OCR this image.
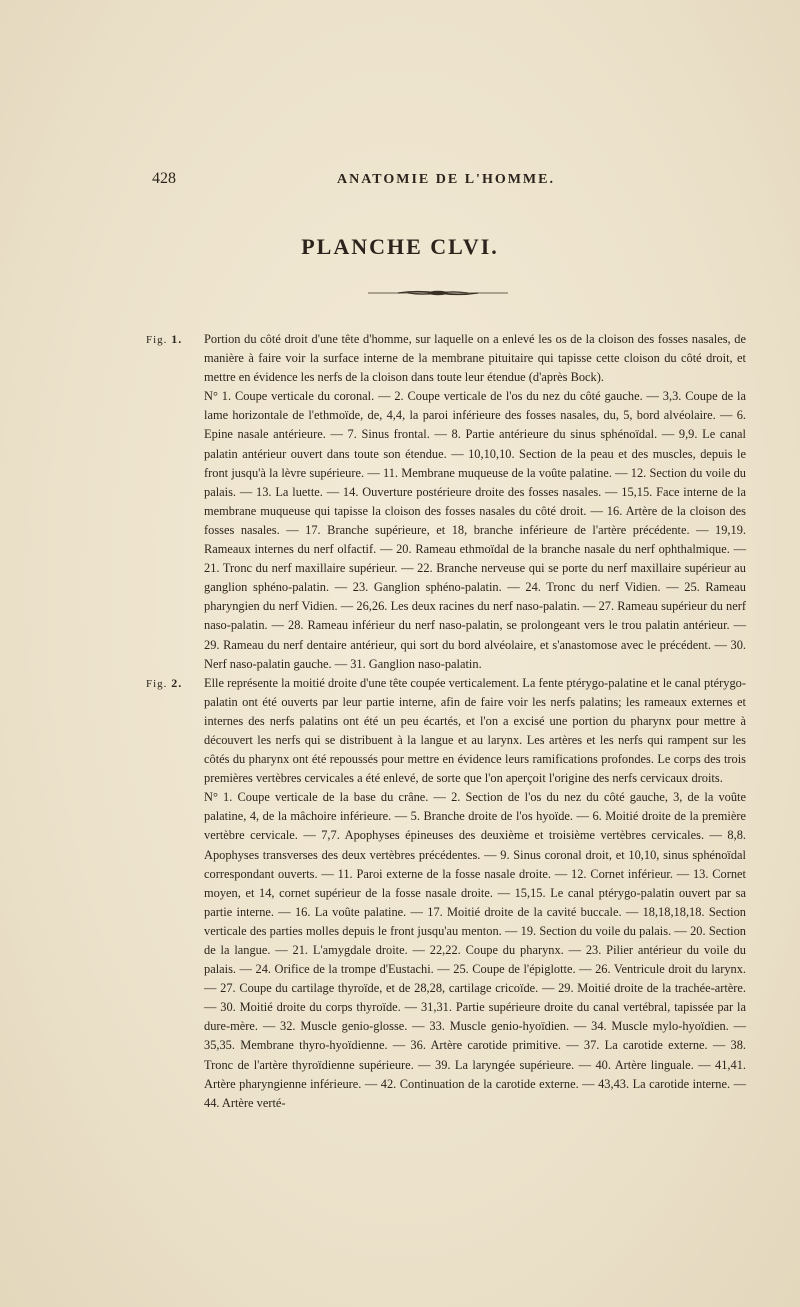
428	ANATOMIE DE L'HOMME.
PLANCHE CLVI.
Fig. 1. Portion du côté droit d'une tête d'homme, sur laquelle on a enlevé les os de la cloison des fosses nasales, de manière à faire voir la surface interne de la membrane pituitaire qui tapisse cette cloison du côté droit, et mettre en évidence les nerfs de la cloison dans toute leur étendue (d'après Bock).

N° 1. Coupe verticale du coronal. — 2. Coupe verticale de l'os du nez du côté gauche. — 3,3. Coupe de la lame horizontale de l'ethmoïde, de, 4,4, la paroi inférieure des fosses nasales, du, 5, bord alvéolaire. — 6. Epine nasale antérieure. — 7. Sinus frontal. — 8. Partie antérieure du sinus sphénoïdal. — 9,9. Le canal palatin antérieur ouvert dans toute son étendue. — 10,10,10. Section de la peau et des muscles, depuis le front jusqu'à la lèvre supérieure. — 11. Membrane muqueuse de la voûte palatine. — 12. Section du voile du palais. — 13. La luette. — 14. Ouverture postérieure droite des fosses nasales. — 15,15. Face interne de la membrane muqueuse qui tapisse la cloison des fosses nasales du côté droit. — 16. Artère de la cloison des fosses nasales. — 17. Branche supérieure, et 18, branche inférieure de l'artère précédente. — 19,19. Rameaux internes du nerf olfactif. — 20. Rameau ethmoïdal de la branche nasale du nerf ophthalmique. — 21. Tronc du nerf maxillaire supérieur. — 22. Branche nerveuse qui se porte du nerf maxillaire supérieur au ganglion sphéno-palatin. — 23. Ganglion sphéno-palatin. — 24. Tronc du nerf Vidien. — 25. Rameau pharyngien du nerf Vidien. — 26,26. Les deux racines du nerf naso-palatin. — 27. Rameau supérieur du nerf naso-palatin. — 28. Rameau inférieur du nerf naso-palatin, se prolongeant vers le trou palatin antérieur. — 29. Rameau du nerf dentaire antérieur, qui sort du bord alvéolaire, et s'anastomose avec le précédent. — 30. Nerf naso-palatin gauche. — 31. Ganglion naso-palatin.

Fig. 2. Elle représente la moitié droite d'une tête coupée verticalement. La fente ptérygo-palatine et le canal ptérygo-palatin ont été ouverts par leur partie interne, afin de faire voir les nerfs palatins; les rameaux externes et internes des nerfs palatins ont été un peu écartés, et l'on a excisé une portion du pharynx pour mettre à découvert les nerfs qui se distribuent à la langue et au larynx. Les artères et les nerfs qui rampent sur les côtés du pharynx ont été repoussés pour mettre en évidence leurs ramifications profondes. Le corps des trois premières vertèbres cervicales a été enlevé, de sorte que l'on aperçoit l'origine des nerfs cervicaux droits.

N° 1. Coupe verticale de la base du crâne. — 2. Section de l'os du nez du côté gauche, 3, de la voûte palatine, 4, de la mâchoire inférieure. — 5. Branche droite de l'os hyoïde. — 6. Moitié droite de la première vertèbre cervicale. — 7,7. Apophyses épineuses des deuxième et troisième vertèbres cervicales. — 8,8. Apophyses transverses des deux vertèbres précédentes. — 9. Sinus coronal droit, et 10,10, sinus sphénoïdal correspondant ouverts. — 11. Paroi externe de la fosse nasale droite. — 12. Cornet inférieur. — 13. Cornet moyen, et 14, cornet supérieur de la fosse nasale droite. — 15,15. Le canal ptérygo-palatin ouvert par sa partie interne. — 16. La voûte palatine. — 17. Moitié droite de la cavité buccale. — 18,18,18,18. Section verticale des parties molles depuis le front jusqu'au menton. — 19. Section du voile du palais. — 20. Section de la langue. — 21. L'amygdale droite. — 22,22. Coupe du pharynx. — 23. Pilier antérieur du voile du palais. — 24. Orifice de la trompe d'Eustachi. — 25. Coupe de l'épiglotte. — 26. Ventricule droit du larynx. — 27. Coupe du cartilage thyroïde, et de 28,28, cartilage cricoïde. — 29. Moitié droite de la trachée-artère. — 30. Moitié droite du corps thyroïde. — 31,31. Partie supérieure droite du canal vertébral, tapissée par la dure-mère. — 32. Muscle genio-glosse. — 33. Muscle genio-hyoïdien. — 34. Muscle mylo-hyoïdien. — 35,35. Membrane thyro-hyoïdienne. — 36. Artère carotide primitive. — 37. La carotide externe. — 38. Tronc de l'artère thyroïdienne supérieure. — 39. La laryngée supérieure. — 40. Artère linguale. — 41,41. Artère pharyngienne inférieure. — 42. Continuation de la carotide externe. — 43,43. La carotide interne. — 44. Artère verté-
